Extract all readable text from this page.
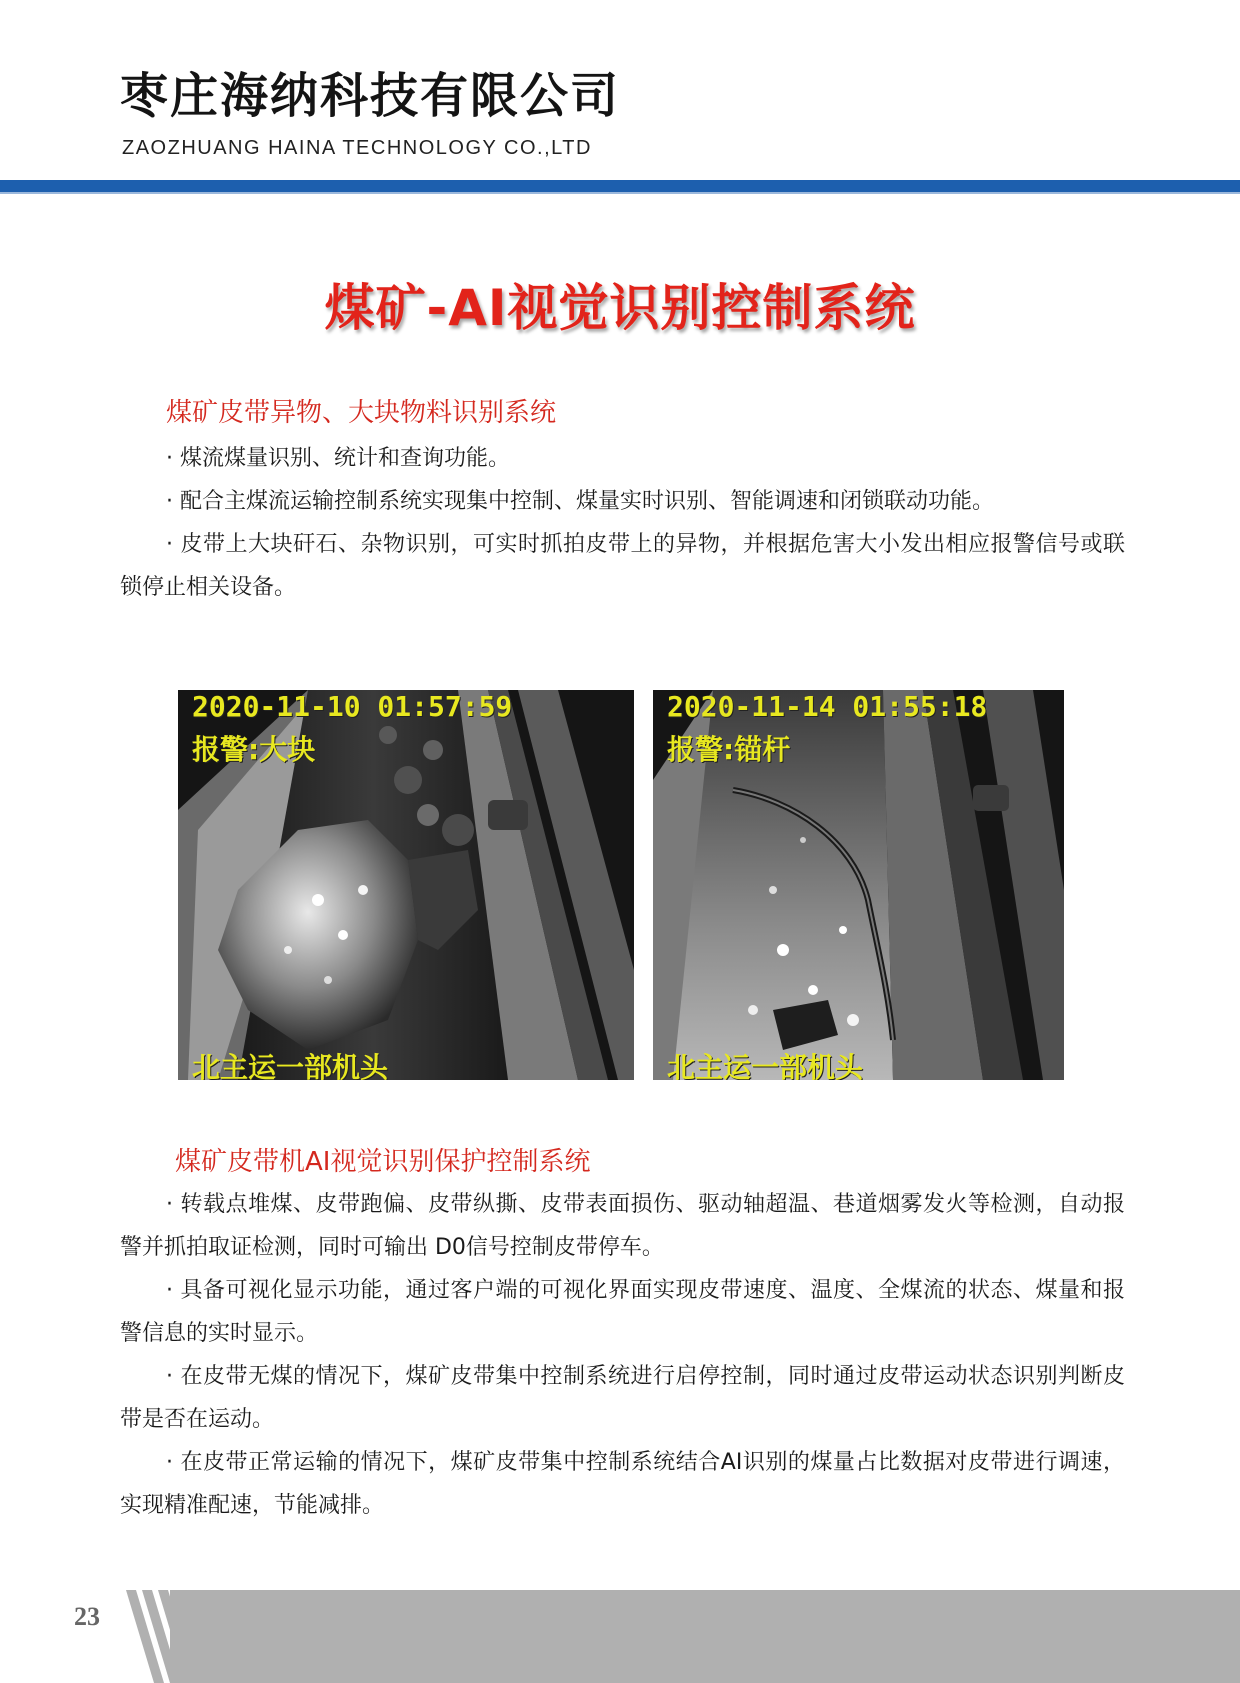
枣庄海纳科技有限公司
ZAOZHUANG HAINA TECHNOLOGY CO.,LTD
煤矿-AI视觉识别控制系统
煤矿皮带异物、大块物料识别系统
· 煤流煤量识别、统计和查询功能。
· 配合主煤流运输控制系统实现集中控制、煤量实时识别、智能调速和闭锁联动功能。
· 皮带上大块矸石、杂物识别，可实时抓拍皮带上的异物，并根据危害大小发出相应报警信号或联锁停止相关设备。
2020-11-10 01:57:59
报警:大块
北主运一部机头
2020-11-14 01:55:18
报警:锚杆
北主运一部机头
煤矿皮带机AI视觉识别保护控制系统
· 转载点堆煤、皮带跑偏、皮带纵撕、皮带表面损伤、驱动轴超温、巷道烟雾发火等检测，自动报警并抓拍取证检测，同时可输出 D0信号控制皮带停车。
· 具备可视化显示功能，通过客户端的可视化界面实现皮带速度、温度、全煤流的状态、煤量和报警信息的实时显示。
· 在皮带无煤的情况下，煤矿皮带集中控制系统进行启停控制，同时通过皮带运动状态识别判断皮带是否在运动。
· 在皮带正常运输的情况下，煤矿皮带集中控制系统结合AI识别的煤量占比数据对皮带进行调速，实现精准配速，节能减排。
23
